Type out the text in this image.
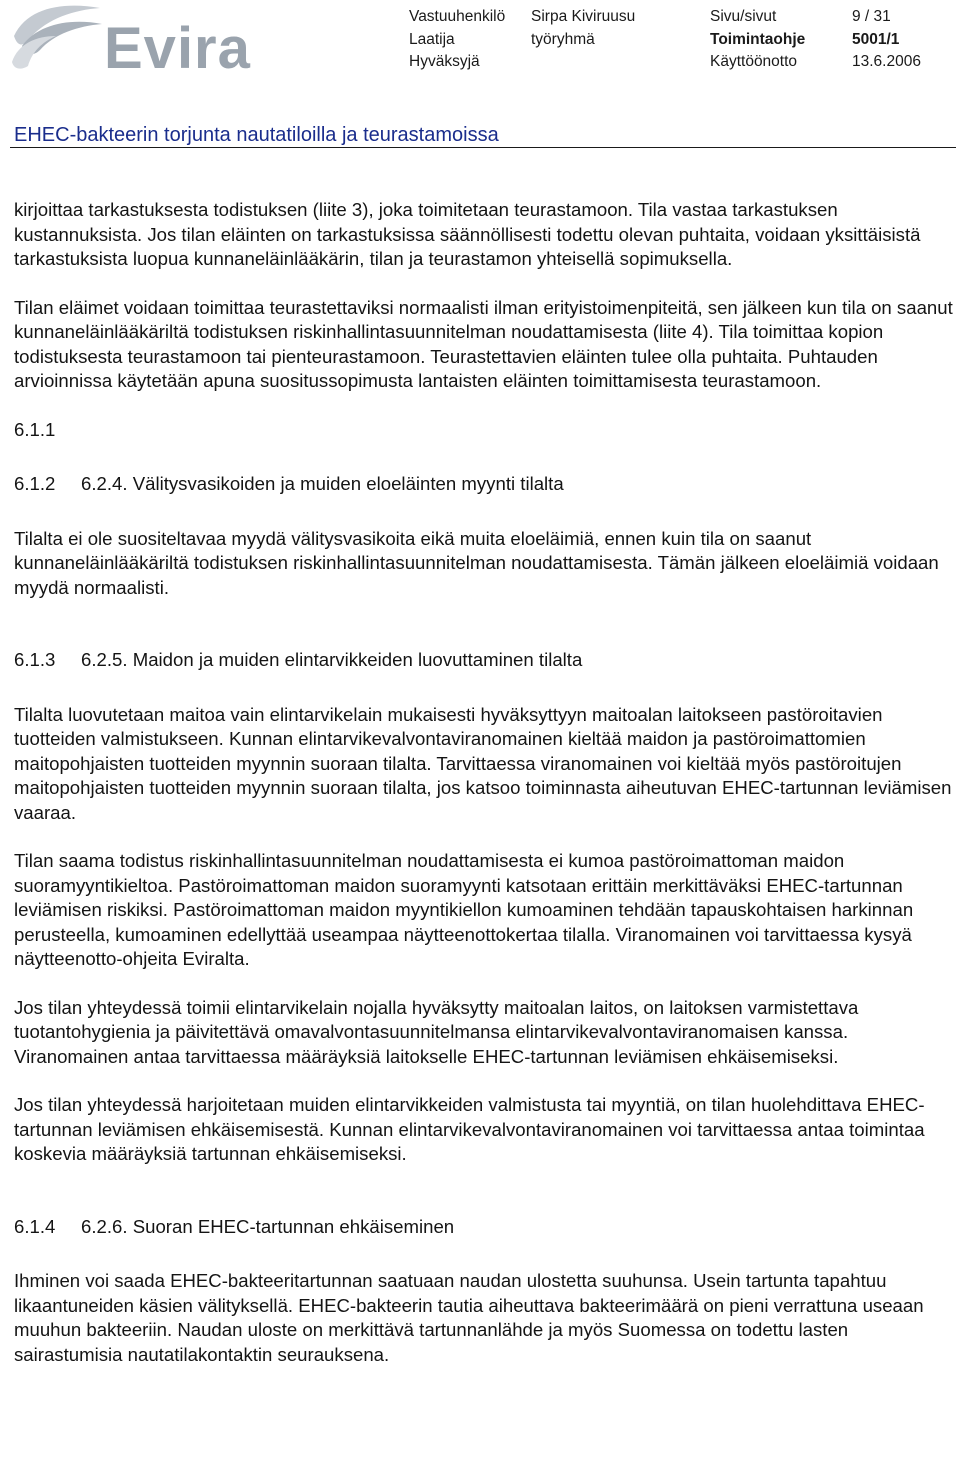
Evira	Vastuuhenkilö
Laatija
Hyväksyjä
Sirpa Kiviruusu
työryhmä
Sivu/sivut
Toimintaohje
Käyttöönotto
9 / 31
5001/1
13.6.2006
EHEC-bakteerin torjunta nautatiloilla ja teurastamoissa

kirjoittaa tarkastuksesta todistuksen (liite 3), joka toimitetaan teurastamoon. Tila vastaa tarkastuksen kustannuksista. Jos tilan eläinten on tarkastuksissa säännöllisesti todettu olevan puhtaita, voidaan yksittäisistä tarkastuksista luopua kunnaneläinlääkärin, tilan ja teurastamon yhteisellä sopimuksella.

Tilan eläimet voidaan toimittaa teurastettaviksi normaalisti ilman erityistoimenpiteitä, sen jälkeen kun tila on saanut kunnaneläinlääkäriltä todistuksen riskinhallintasuunnitelman noudattamisesta (liite 4). Tila toimittaa kopion todistuksesta teurastamoon tai pienteurastamoon. Teurastettavien eläinten tulee olla puhtaita. Puhtauden arvioinnissa käytetään apuna suositussopimusta lantaisten eläinten toimittamisesta teurastamoon.

6.1.1

6.1.2 6.2.4. Välitysvasikoiden ja muiden eloeläinten myynti tilalta

Tilalta ei ole suositeltavaa myydä välitysvasikoita eikä muita eloeläimiä, ennen kuin tila on saanut kunnaneläinlääkäriltä todistuksen riskinhallintasuunnitelman noudattamisesta. Tämän jälkeen eloeläimiä voidaan myydä normaalisti.

6.1.3 6.2.5. Maidon ja muiden elintarvikkeiden luovuttaminen tilalta

Tilalta luovutetaan maitoa vain elintarvikelain mukaisesti hyväksyttyyn maitoalan laitokseen pastöroitavien tuotteiden valmistukseen. Kunnan elintarvikevalvontaviranomainen kieltää maidon ja pastöroimattomien maitopohjaisten tuotteiden myynnin suoraan tilalta. Tarvittaessa viranomainen voi kieltää myös pastöroitujen maitopohjaisten tuotteiden myynnin suoraan tilalta, jos katsoo toiminnasta aiheutuvan EHEC-tartunnan leviämisen vaaraa.

Tilan saama todistus riskinhallintasuunnitelman noudattamisesta ei kumoa pastöroimattoman maidon suoramyyntikieltoa. Pastöroimattoman maidon suoramyynti katsotaan erittäin merkittäväksi EHEC-tartunnan leviämisen riskiksi. Pastöroimattoman maidon myyntikiellon kumoaminen tehdään tapauskohtaisen harkinnan perusteella, kumoaminen edellyttää useampaa näytteenottokertaa tilalla. Viranomainen voi tarvittaessa kysyä näytteenotto-ohjeita Eviralta.

Jos tilan yhteydessä toimii elintarvikelain nojalla hyväksytty maitoalan laitos, on laitoksen varmistettava tuotantohygienia ja päivitettävä omavalvontasuunnitelmansa elintarvikevalvontaviranomaisen kanssa. Viranomainen antaa tarvittaessa määräyksiä laitokselle EHEC-tartunnan leviämisen ehkäisemiseksi.

Jos tilan yhteydessä harjoitetaan muiden elintarvikkeiden valmistusta tai myyntiä, on tilan huolehdittava EHEC-tartunnan leviämisen ehkäisemisestä. Kunnan elintarvikevalvontaviranomainen voi tarvittaessa antaa toimintaa koskevia määräyksiä tartunnan ehkäisemiseksi.

6.1.4 6.2.6. Suoran EHEC-tartunnan ehkäiseminen

Ihminen voi saada EHEC-bakteeritartunnan saatuaan naudan ulostetta suuhunsa. Usein tartunta tapahtuu likaantuneiden käsien välityksellä. EHEC-bakteerin tautia aiheuttava bakteerimäärä on pieni verrattuna useaan muuhun bakteeriin. Naudan uloste on merkittävä tartunnanlähde ja myös Suomessa on todettu lasten sairastumisia nautatilakontaktin seurauksena.
